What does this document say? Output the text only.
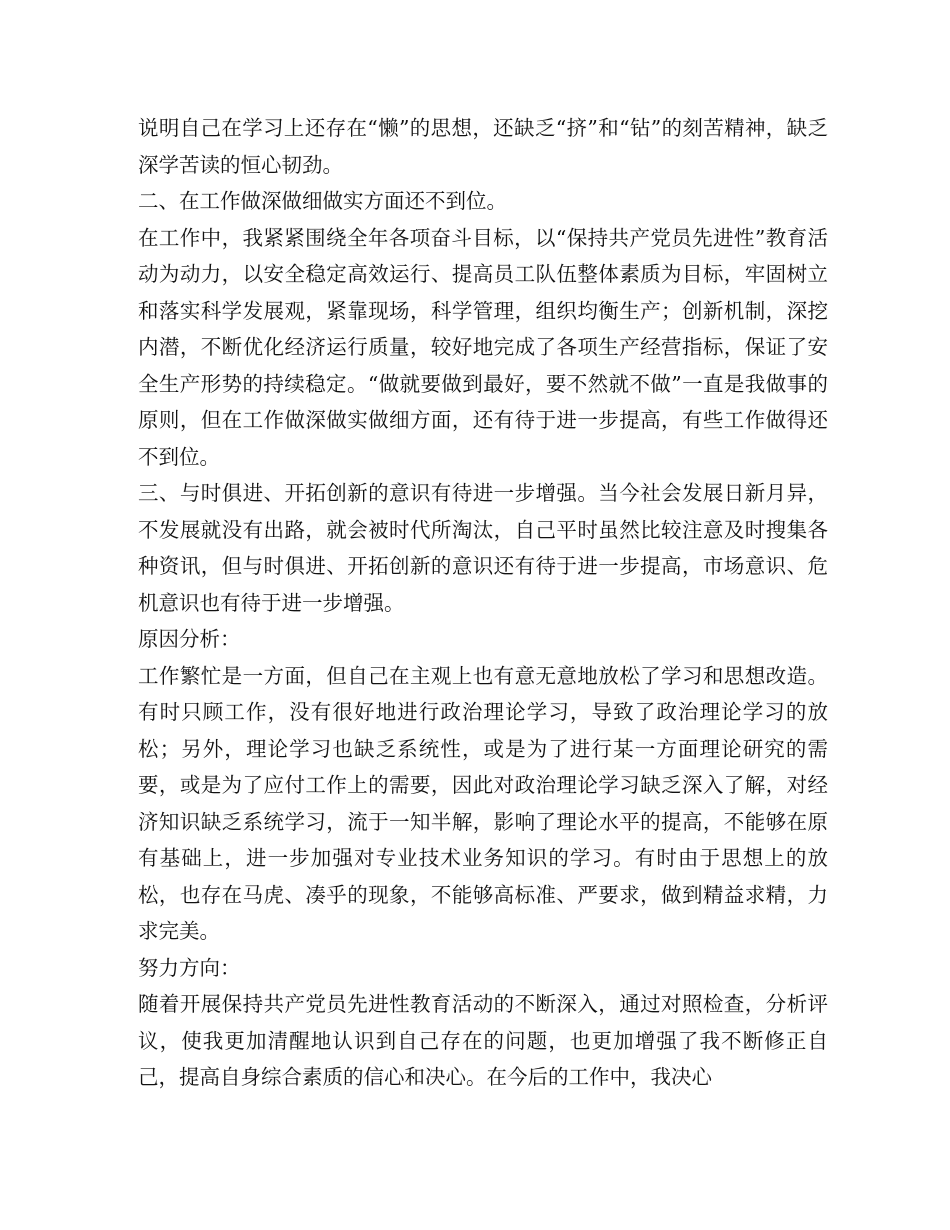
说明自己在学习上还存在“懒”的思想，还缺乏“挤”和“钻”的刻苦精神，缺乏深学苦读的恒心韧劲。

二、在工作做深做细做实方面还不到位。

在工作中，我紧紧围绕全年各项奋斗目标，以“保持共产党员先进性”教育活动为动力，以安全稳定高效运行、提高员工队伍整体素质为目标，牢固树立和落实科学发展观，紧靠现场，科学管理，组织均衡生产；创新机制，深挖内潜，不断优化经济运行质量，较好地完成了各项生产经营指标，保证了安全生产形势的持续稳定。“做就要做到最好，要不然就不做”一直是我做事的原则，但在工作做深做实做细方面，还有待于进一步提高，有些工作做得还不到位。

三、与时俱进、开拓创新的意识有待进一步增强。当今社会发展日新月异，不发展就没有出路，就会被时代所淘汰，自己平时虽然比较注意及时搜集各种资讯，但与时俱进、开拓创新的意识还有待于进一步提高，市场意识、危机意识也有待于进一步增强。

原因分析：

工作繁忙是一方面，但自己在主观上也有意无意地放松了学习和思想改造。有时只顾工作，没有很好地进行政治理论学习，导致了政治理论学习的放松；另外，理论学习也缺乏系统性，或是为了进行某一方面理论研究的需要，或是为了应付工作上的需要，因此对政治理论学习缺乏深入了解，对经济知识缺乏系统学习，流于一知半解，影响了理论水平的提高，不能够在原有基础上，进一步加强对专业技术业务知识的学习。有时由于思想上的放松，也存在马虎、凑乎的现象，不能够高标准、严要求，做到精益求精，力求完美。

努力方向：

随着开展保持共产党员先进性教育活动的不断深入，通过对照检查，分析评议，使我更加清醒地认识到自己存在的问题，也更加增强了我不断修正自己，提高自身综合素质的信心和决心。在今后的工作中，我决心
